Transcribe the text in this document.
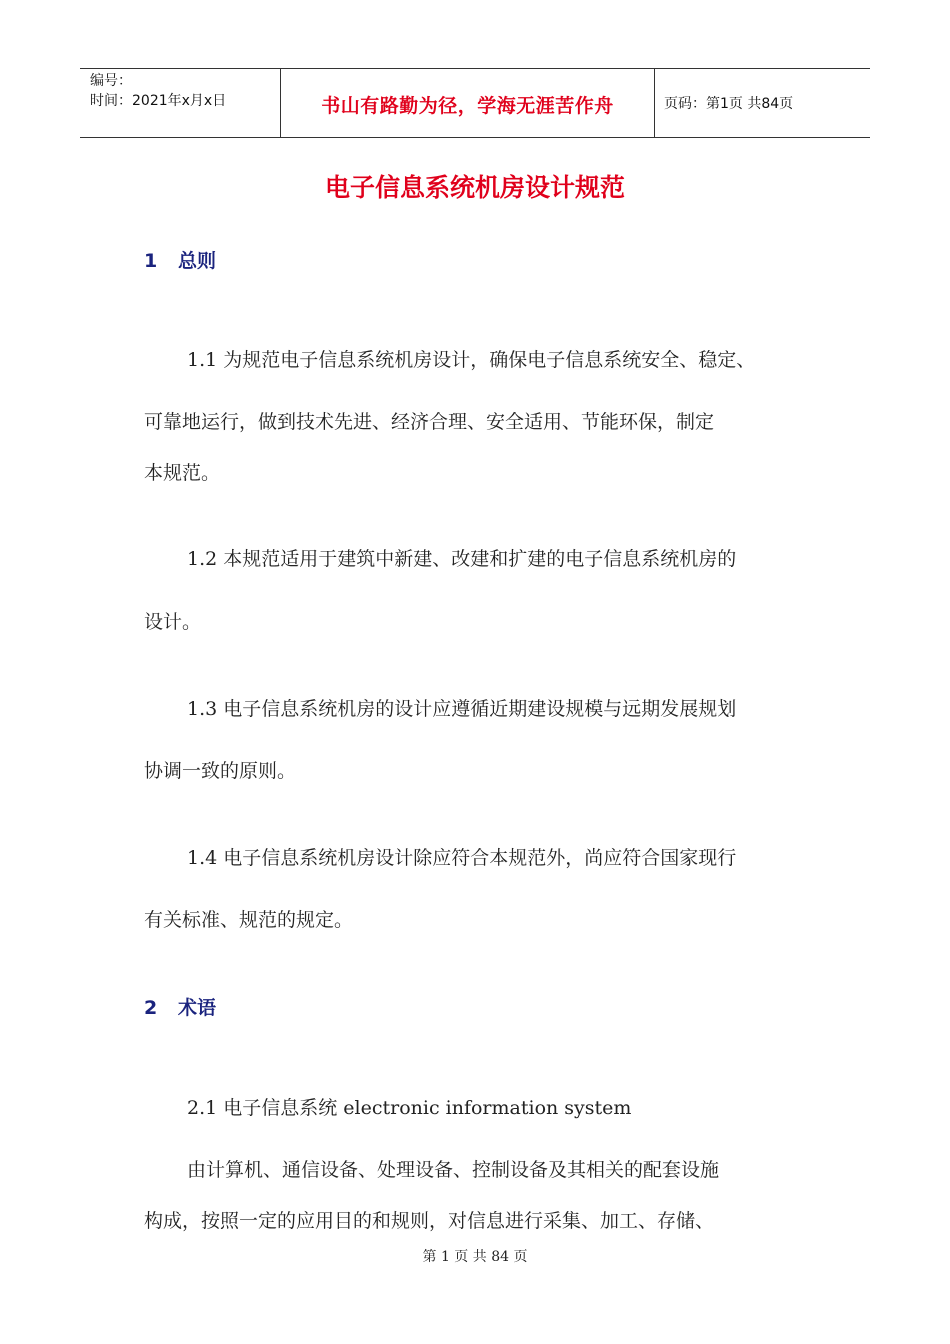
编号：
时间：2021年x月x日	书山有路勤为径，学海无涯苦作舟	页码：第1页 共84页
电子信息系统机房设计规范
1 总则
1.1 为规范电子信息系统机房设计，确保电子信息系统安全、稳定、
可靠地运行，做到技术先进、经济合理、安全适用、节能环保，制定
本规范。
1.2 本规范适用于建筑中新建、改建和扩建的电子信息系统机房的
设计。
1.3 电子信息系统机房的设计应遵循近期建设规模与远期发展规划
协调一致的原则。
1.4 电子信息系统机房设计除应符合本规范外，尚应符合国家现行
有关标准、规范的规定。
2 术语
2.1 电子信息系统 electronic information system
由计算机、通信设备、处理设备、控制设备及其相关的配套设施
构成，按照一定的应用目的和规则，对信息进行采集、加工、存储、
第 1 页 共 84 页
